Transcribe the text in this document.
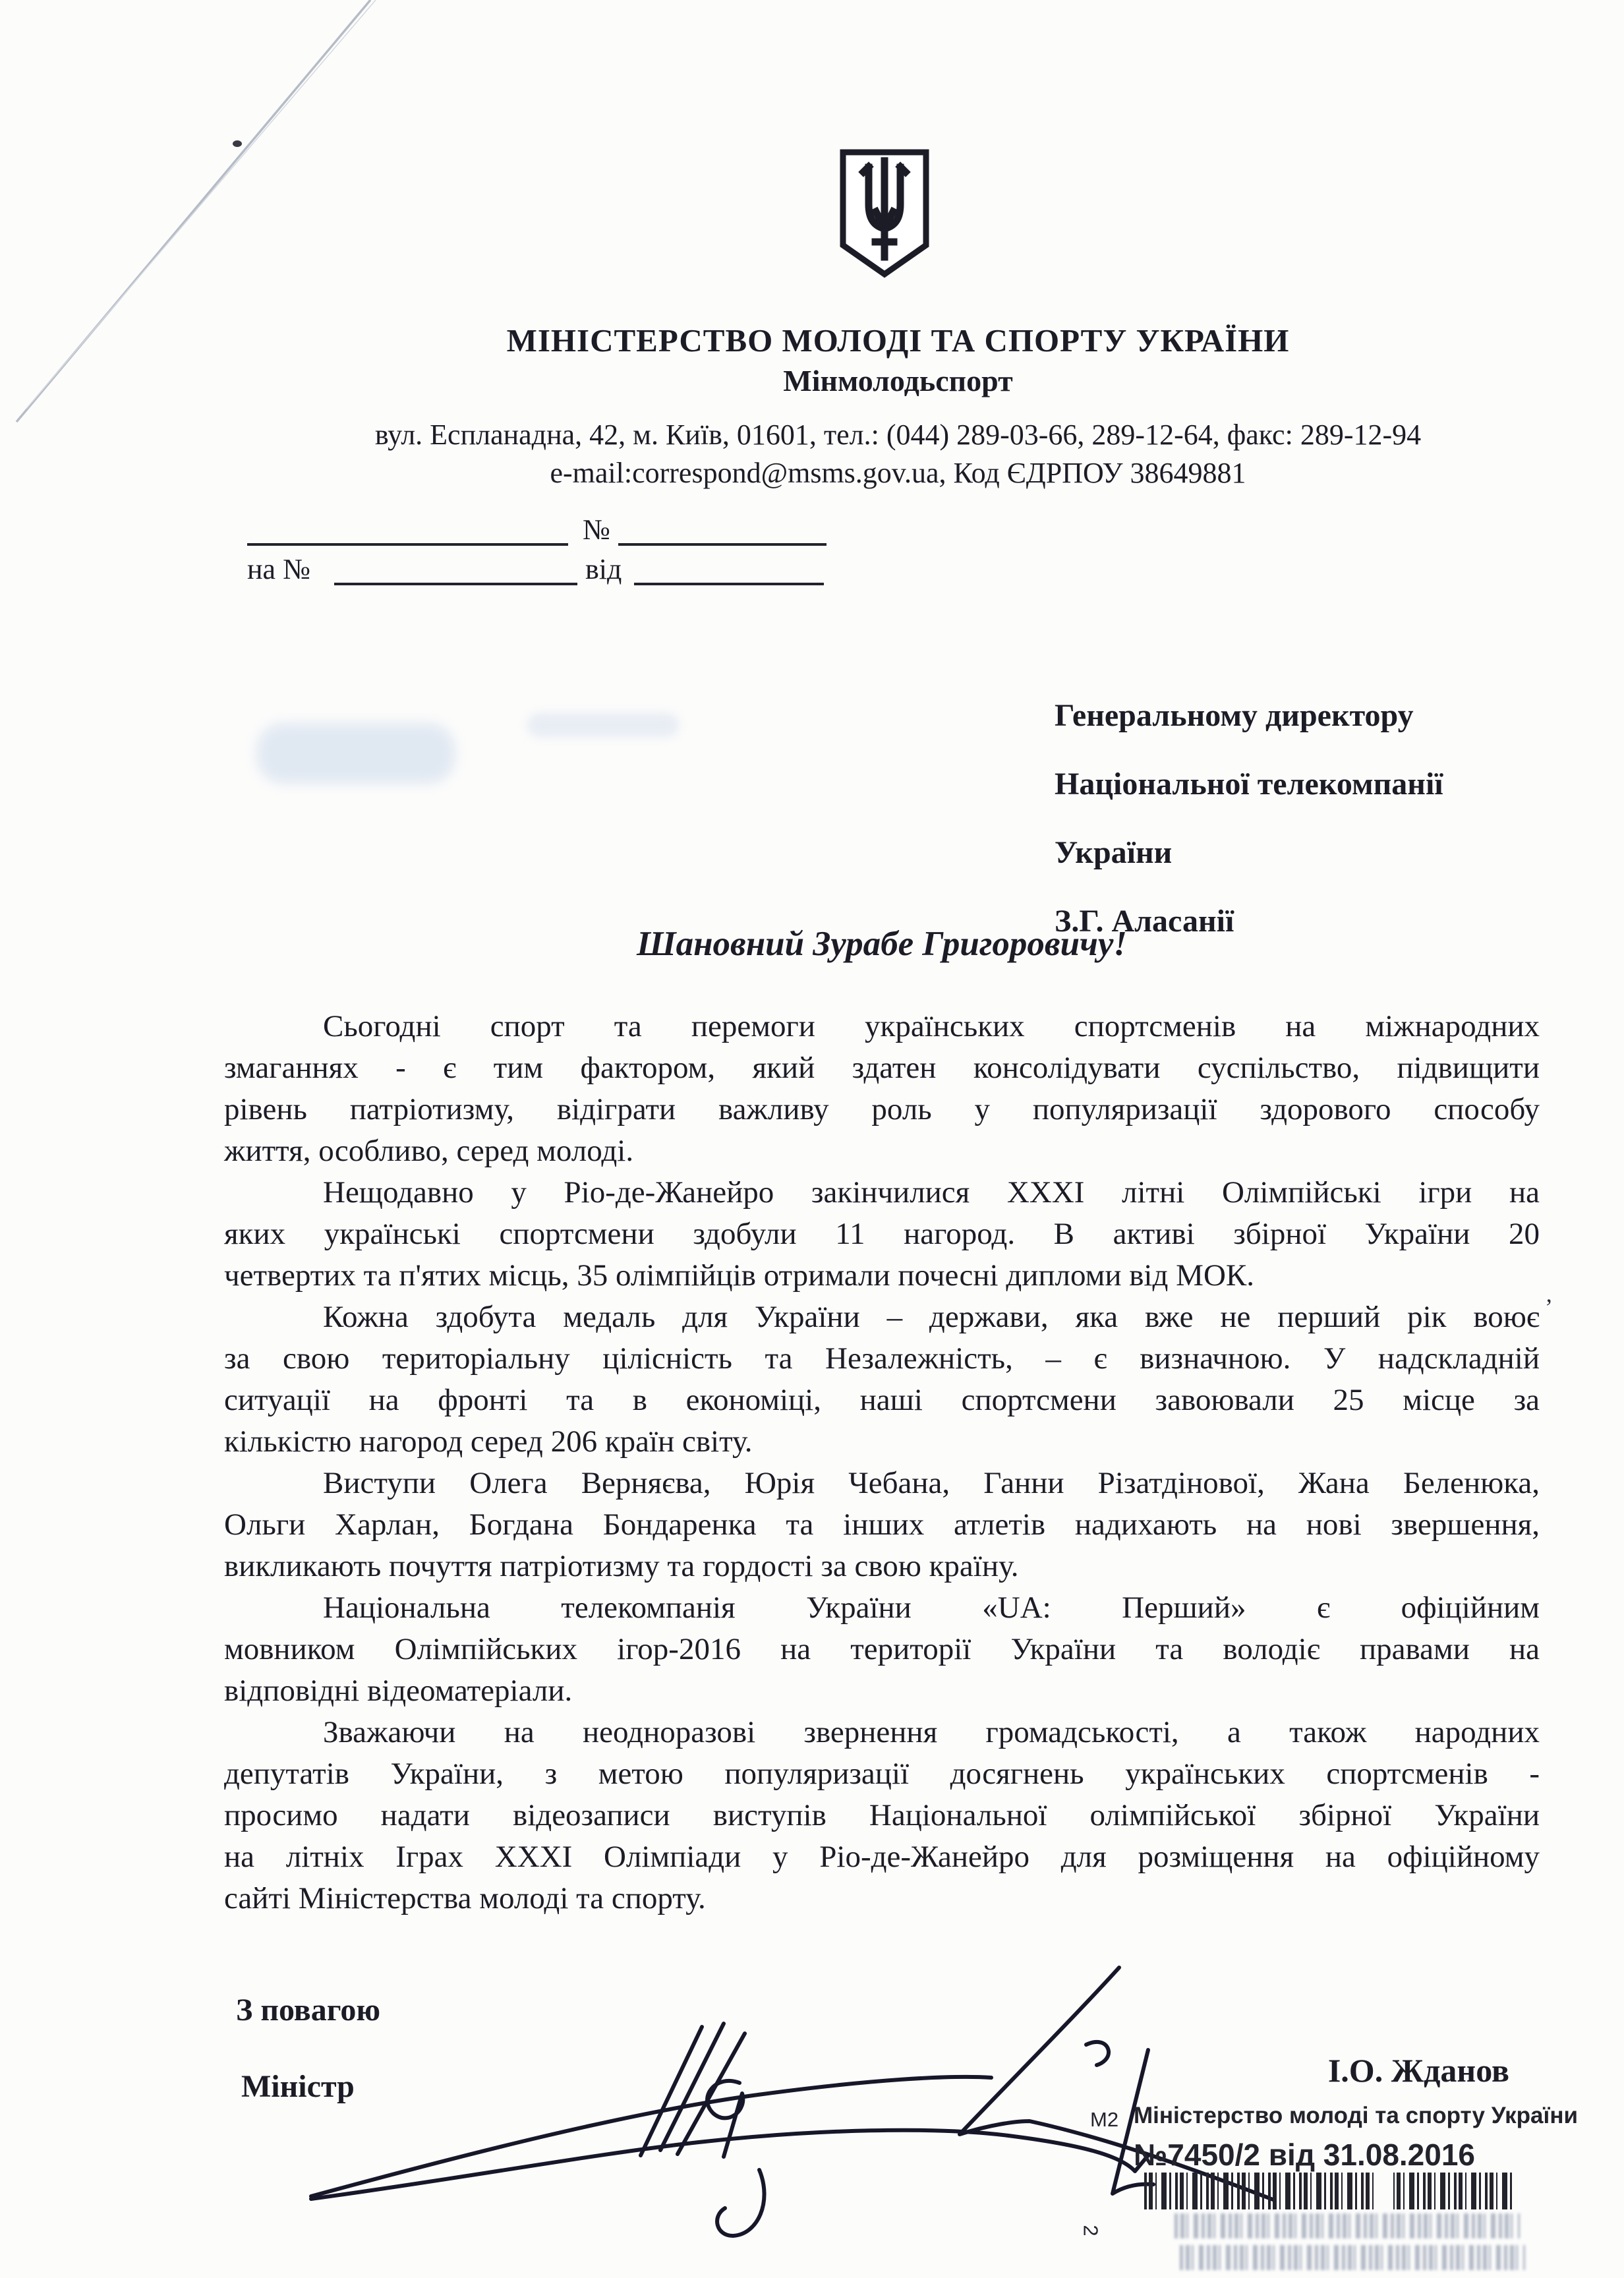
МІНІСТЕРСТВО МОЛОДІ ТА СПОРТУ УКРАЇНИ
Мінмолодьспорт
вул. Еспланадна, 42, м. Київ, 01601, тел.: (044) 289-03-66, 289-12-64, факс: 289-12-94
e-mail:correspond@msms.gov.ua, Код ЄДРПОУ 38649881
№
на №	від
Генеральному директору
Національної телекомпанії
України
З.Г. Аласанії
Шановний Зурабе Григоровичу!
Сьогодні спорт та перемоги українських спортсменів на міжнародних
змаганнях - є тим фактором, який здатен консолідувати суспільство, підвищити
рівень патріотизму, відіграти важливу роль у популяризації здорового способу
життя, особливо, серед молоді.
Нещодавно у Ріо-де-Жанейро закінчилися XXXI літні Олімпійські ігри на
яких українські спортсмени здобули 11 нагород. В активі збірної України 20
четвертих та п'ятих місць, 35 олімпійців отримали почесні дипломи від МОК.
Кожна здобута медаль для України – держави, яка вже не перший рік воює
за свою територіальну цілісність та Незалежність, – є визначною. У надскладній
ситуації на фронті та в економіці, наші спортсмени завоювали 25 місце за
кількістю нагород серед 206 країн світу.
Виступи Олега Верняєва, Юрія Чебана, Ганни Різатдінової, Жана Беленюка,
Ольги Харлан, Богдана Бондаренка та інших атлетів надихають на нові звершення,
викликають почуття патріотизму та гордості за свою країну.
Національна телекомпанія України «UA: Перший» є офіційним
мовником Олімпійських ігор-2016 на території України та володіє правами на
відповідні відеоматеріали.
Зважаючи на неодноразові звернення громадськості, а також народних
депутатів України, з метою популяризації досягнень українських спортсменів -
просимо надати відеозаписи виступів Національної олімпійської збірної України
на літніх Іграх XXXI Олімпіади у Ріо-де-Жанейро для розміщення на офіційному
сайті Міністерства молоді та спорту.
’
З повагою
Міністр	І.О. Жданов
М2 Міністерство молоді та спорту України
№7450/2 від 31.08.2016
2
